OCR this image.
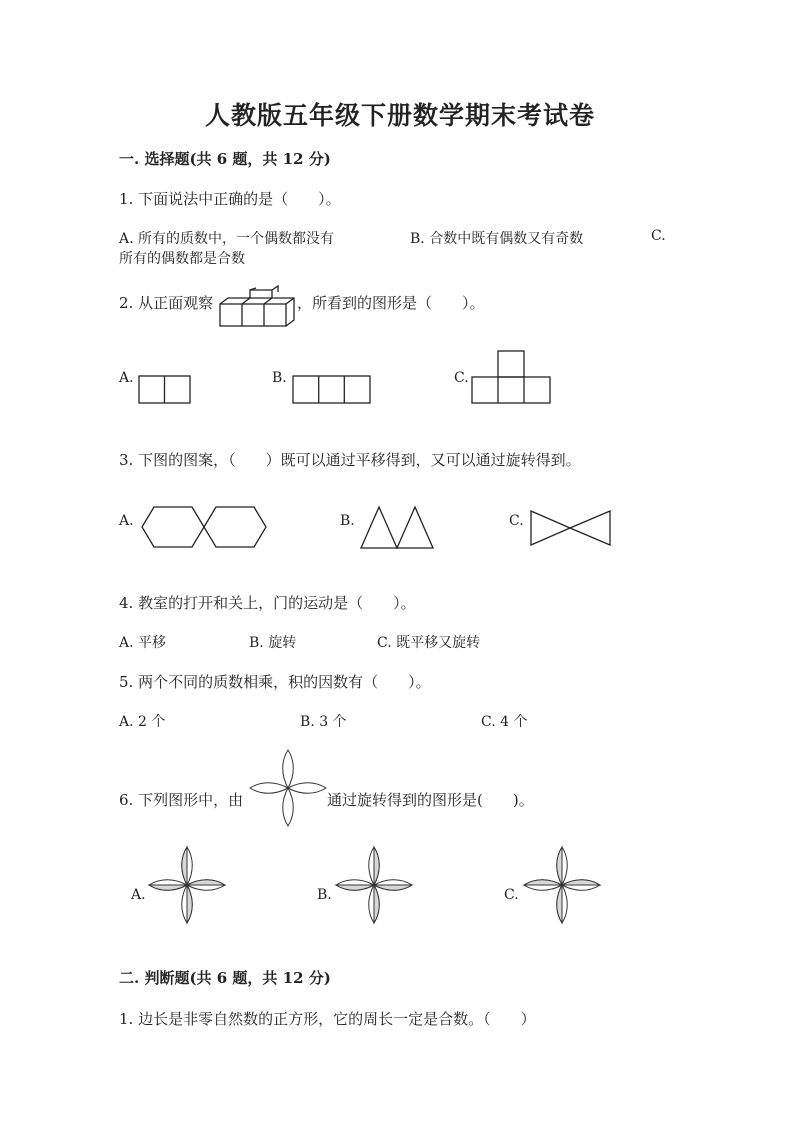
人教版五年级下册数学期末考试卷
一. 选择题(共 6 题，共 12 分)
1. 下面说法中正确的是（　　）。
A. 所有的质数中，一个偶数都没有	B. 合数中既有偶数又有奇数	C.
所有的偶数都是合数
2. 从正面观察	，所看到的图形是（　　）。
A.	B.	C.
3. 下图的图案，（　　）既可以通过平移得到，又可以通过旋转得到。
A.	B.	C.
4. 教室的打开和关上，门的运动是（　　）。
A. 平移	B. 旋转	C. 既平移又旋转
5. 两个不同的质数相乘，积的因数有（　　）。
A. 2 个	B. 3 个	C. 4 个
6. 下列图形中，由	通过旋转得到的图形是(　　)。
A.	B.	C.
二. 判断题(共 6 题，共 12 分)
1. 边长是非零自然数的正方形，它的周长一定是合数。（　　）
